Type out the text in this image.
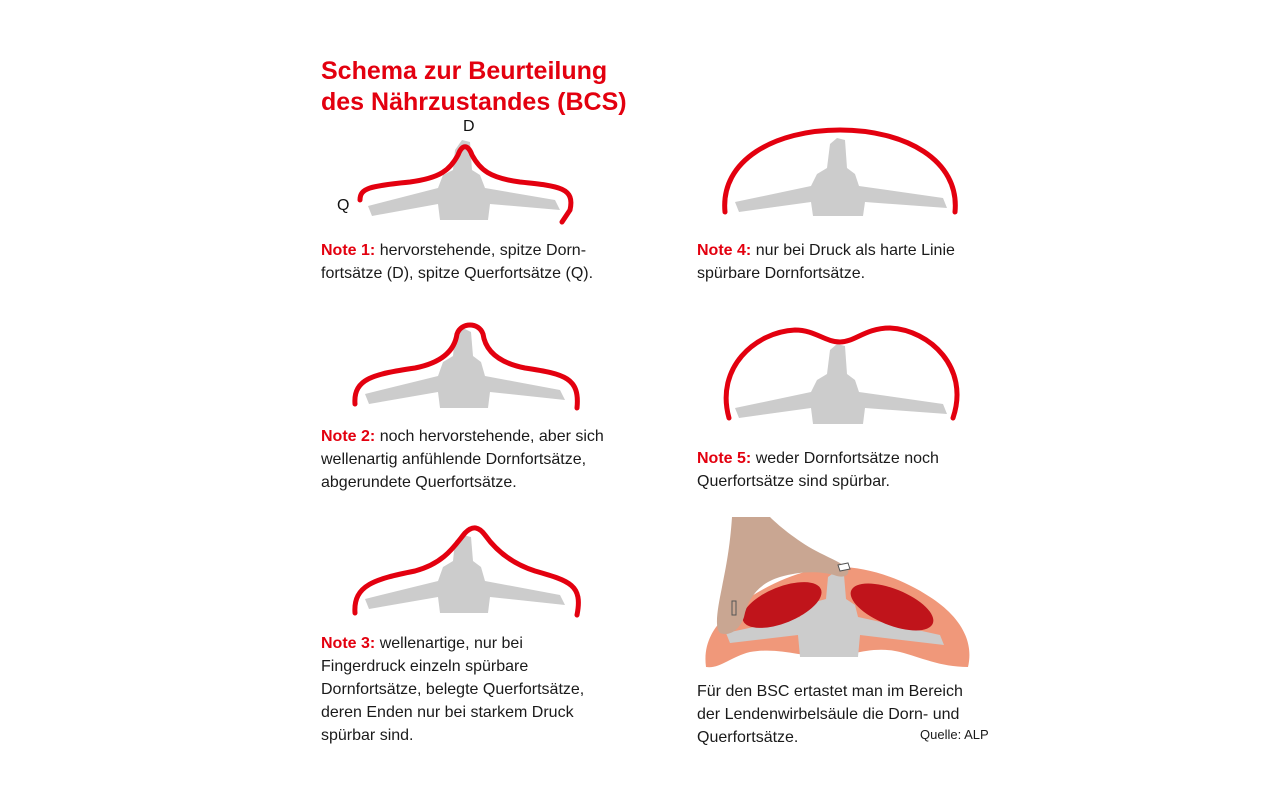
Schema zur Beurteilung
des Nährzustandes (BCS)
D
Q

Note 1: hervorstehende, spitze Dorn-
fortsätze (D), spitze Querfortsätze (Q).

Note 2: noch hervorstehende, aber sich
wellenartig anfühlende Dornfortsätze,
abgerundete Querfortsätze.

Note 3: wellenartige, nur bei
Fingerdruck einzeln spürbare
Dornfortsätze, belegte Querfortsätze,
deren Enden nur bei starkem Druck
spürbar sind.

Note 4: nur bei Druck als harte Linie
spürbare Dornfortsätze.

Note 5: weder Dornfortsätze noch
Querfortsätze sind spürbar.

Für den BSC ertastet man im Bereich
der Lendenwirbelsäule die Dorn- und
Querfortsätze.	Quelle: ALP
